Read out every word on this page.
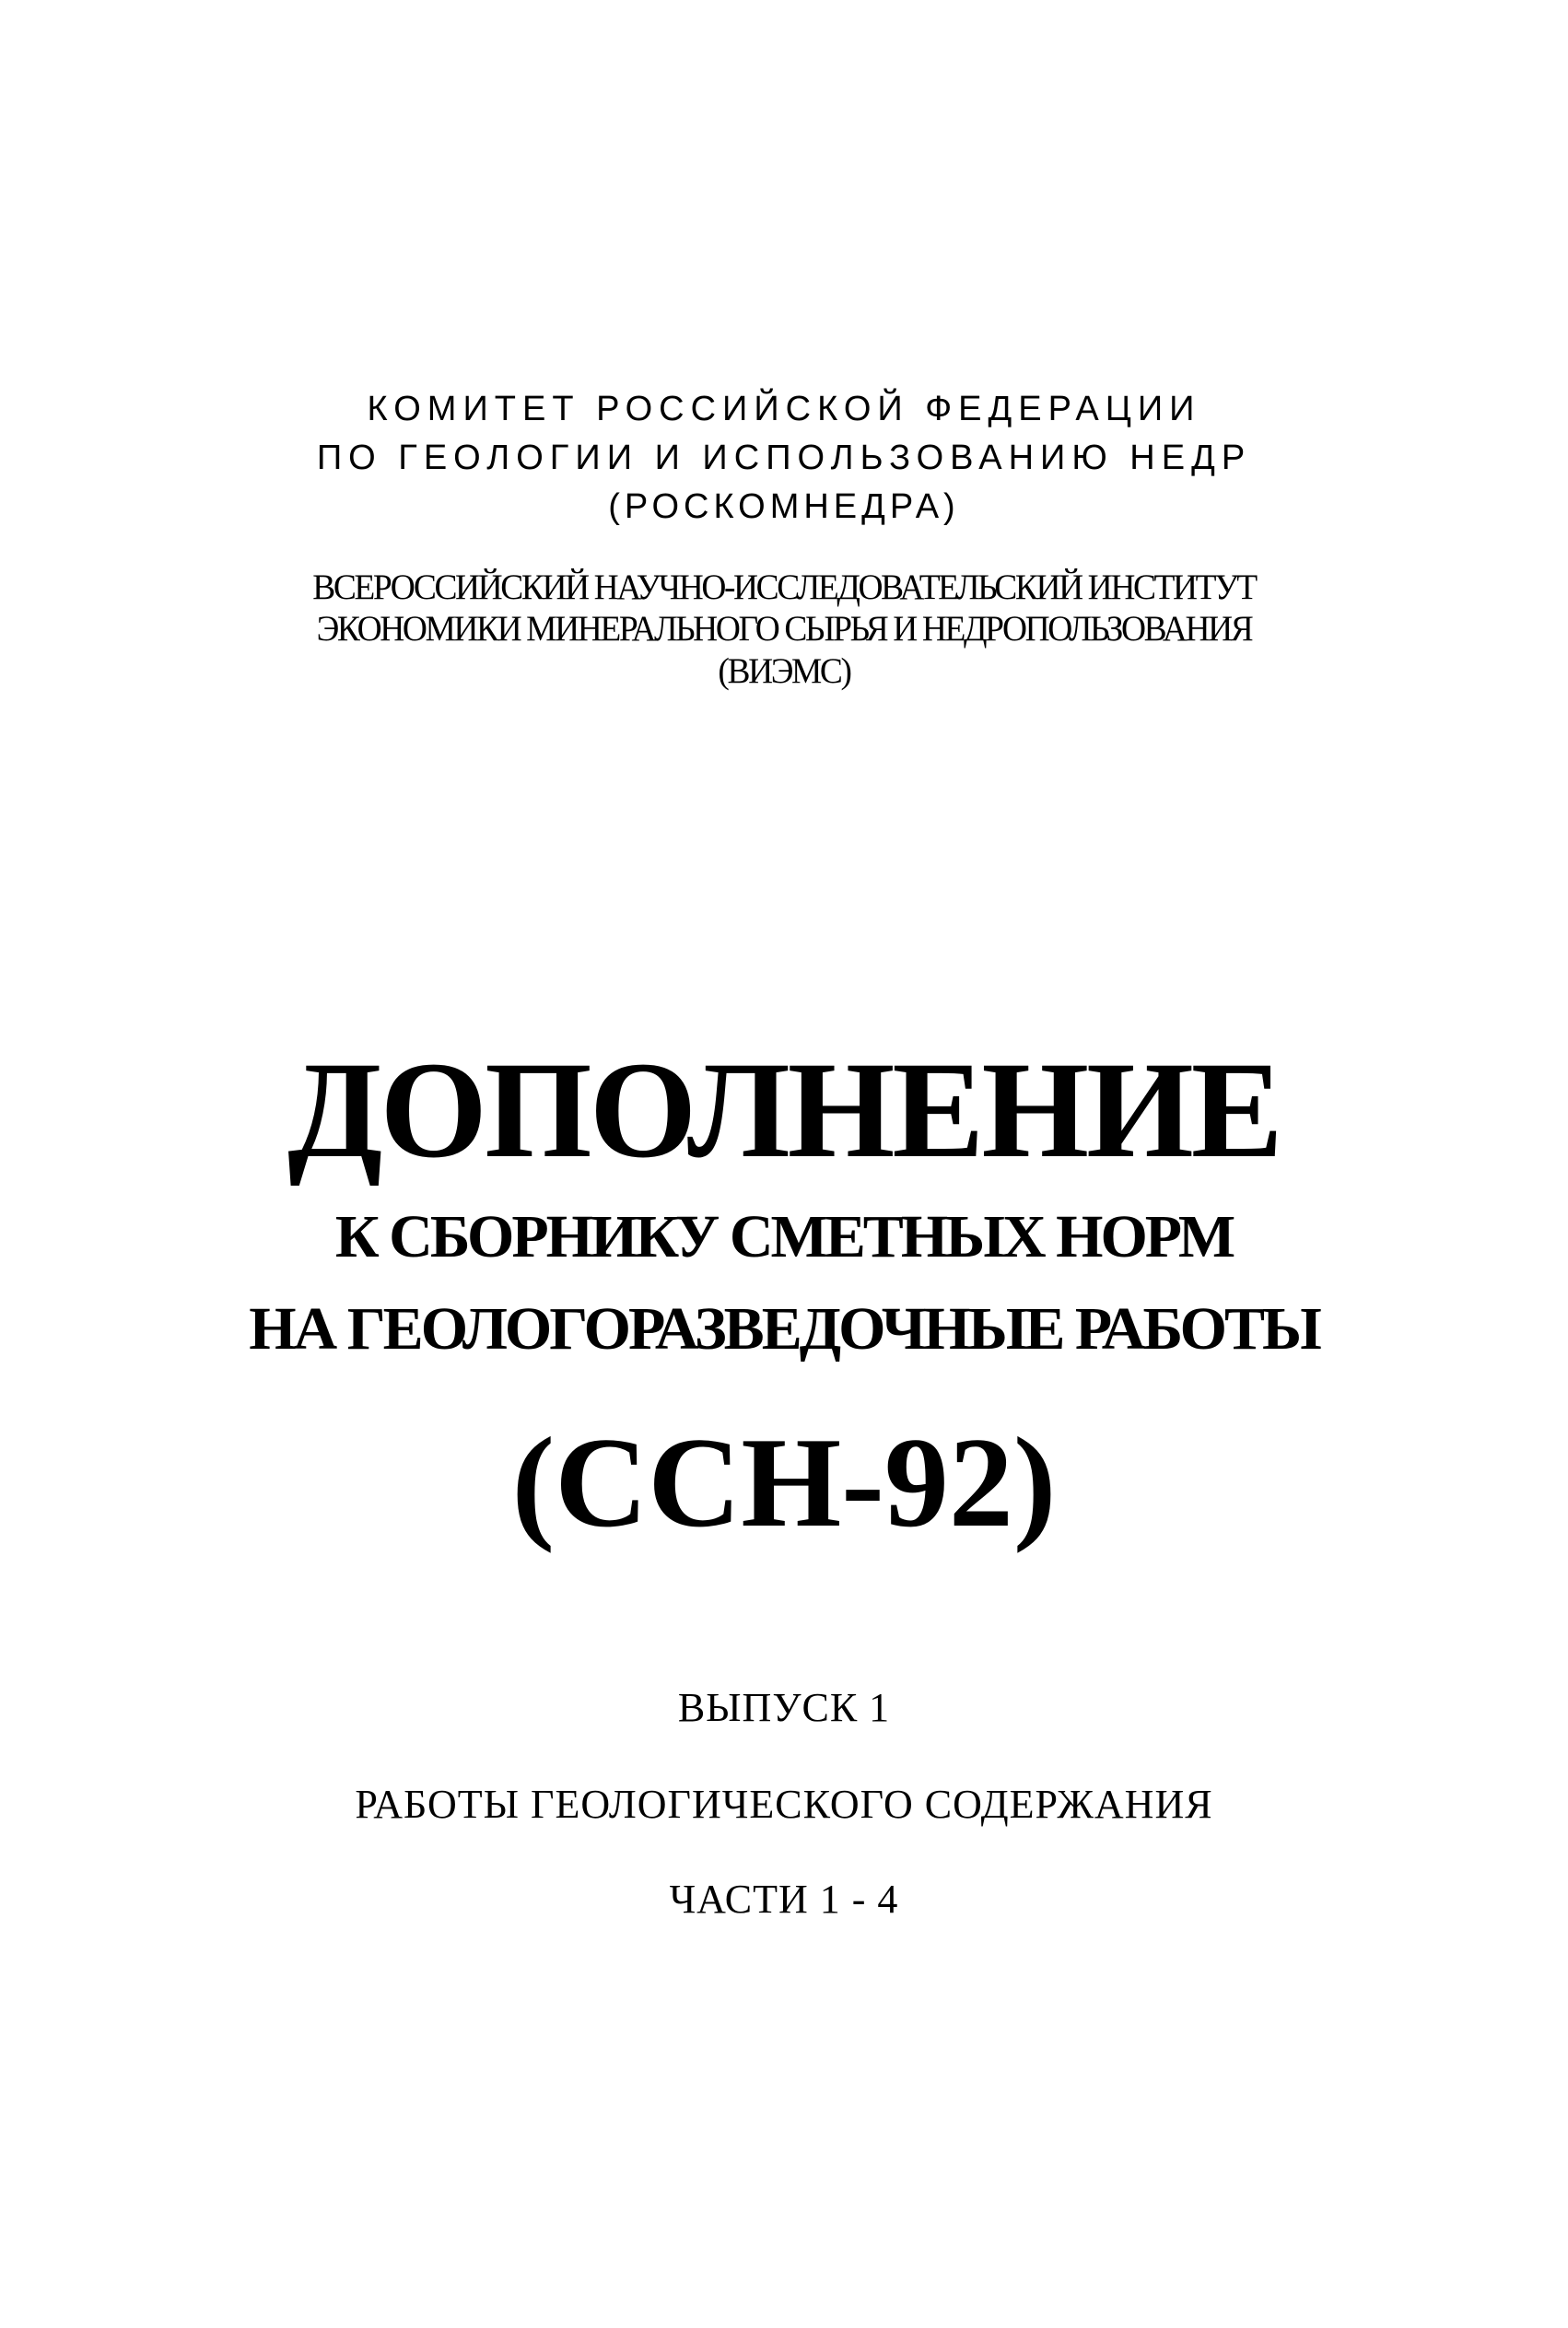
КОМИТЕТ РОССИЙСКОЙ ФЕДЕРАЦИИ
ПО ГЕОЛОГИИ И ИСПОЛЬЗОВАНИЮ НЕДР
(РОСКОМНЕДРА)
ВСЕРОССИЙСКИЙ НАУЧНО-ИССЛЕДОВАТЕЛЬСКИЙ ИНСТИТУТ
ЭКОНОМИКИ МИНЕРАЛЬНОГО СЫРЬЯ И НЕДРОПОЛЬЗОВАНИЯ
(ВИЭМС)
ДОПОЛНЕНИЕ
К СБОРНИКУ СМЕТНЫХ НОРМ
НА ГЕОЛОГОРАЗВЕДОЧНЫЕ РАБОТЫ
(ССН-92)
ВЫПУСК 1
РАБОТЫ ГЕОЛОГИЧЕСКОГО СОДЕРЖАНИЯ
ЧАСТИ 1 - 4
